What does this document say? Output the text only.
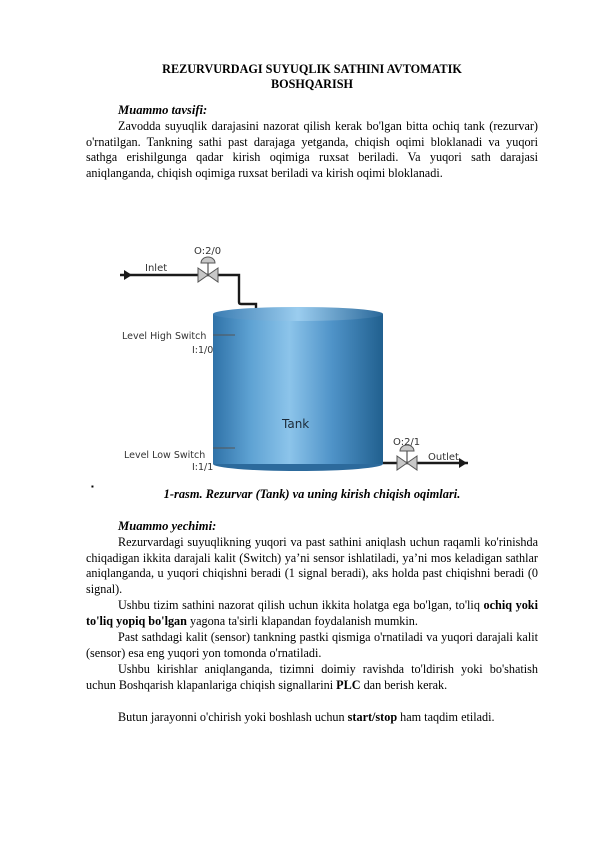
REZURVURDAGI SUYUQLIK SATHINI AVTOMATIK
BOSHQARISH
Muammo tavsifi:
Zavodda suyuqlik darajasini nazorat qilish kerak bo'lgan bitta ochiq tank (rezurvar) o'rnatilgan. Tankning sathi past darajaga yetganda, chiqish oqimi bloklanadi va yuqori sathga erishilgunga qadar kirish oqimiga ruxsat beriladi. Va yuqori sath darajasi aniqlanganda, chiqish oqimiga ruxsat beriladi va kirish oqimi bloklanadi.
Inlet
O:2/0
Level High Switch
I:1/0
Tank
Level Low Switch
I:1/1
O:2/1
Outlet
▪
1-rasm. Rezurvar (Tank) va uning kirish chiqish oqimlari.
Muammo yechimi:
Rezurvardagi suyuqlikning yuqori va past sathini aniqlash uchun raqamli ko'rinishda chiqadigan ikkita darajali kalit (Switch) ya’ni sensor ishlatiladi, ya’ni mos keladigan sathlar aniqlanganda, u yuqori chiqishni beradi (1 signal beradi), aks holda past chiqishni beradi (0 signal).
Ushbu tizim sathini nazorat qilish uchun ikkita holatga ega bo'lgan, to'liq ochiq yoki to'liq yopiq bo'lgan yagona ta'sirli klapandan foydalanish mumkin.
Past sathdagi kalit (sensor) tankning pastki qismiga o'rnatiladi va yuqori darajali kalit (sensor) esa eng yuqori yon tomonda o'rnatiladi.
Ushbu kirishlar aniqlanganda, tizimni doimiy ravishda to'ldirish yoki bo'shatish uchun Boshqarish klapanlariga chiqish signallarini PLC dan berish kerak.
Butun jarayonni o'chirish yoki boshlash uchun start/stop ham taqdim etiladi.
